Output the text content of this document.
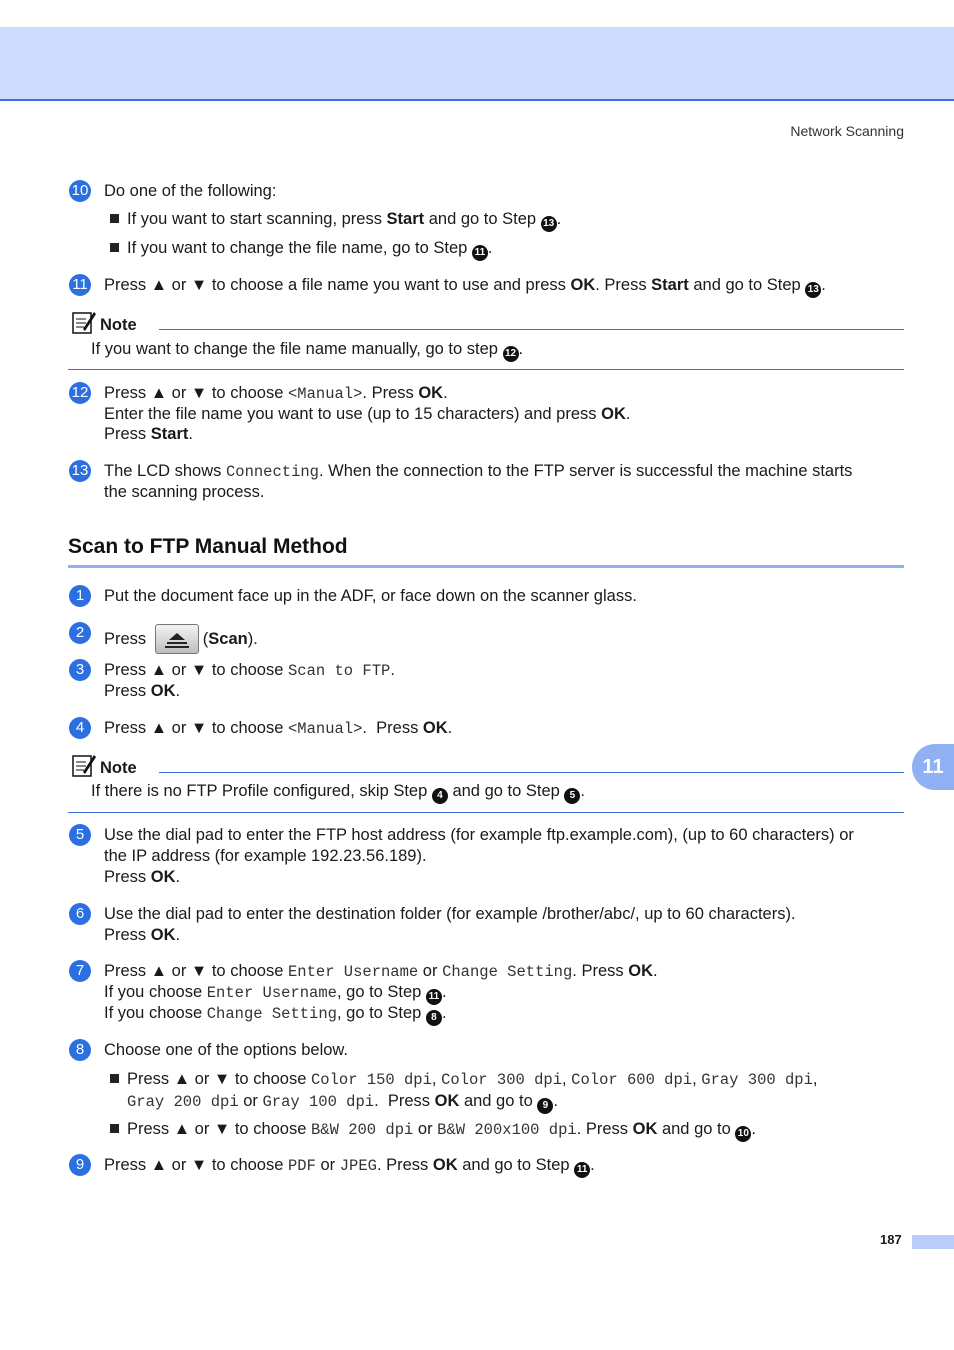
Network Scanning
10 Do one of the following:
If you want to start scanning, press Start and go to Step 13 .
If you want to change the file name, go to Step 11 .
11 Press ▲ or ▼ to choose a file name you want to use and press OK. Press Start and go to Step 13 .
Note
If you want to change the file name manually, go to step 12 .
12 Press ▲ or ▼ to choose <Manual>. Press OK.
Enter the file name you want to use (up to 15 characters) and press OK.
Press Start.
13 The LCD shows Connecting. When the connection to the FTP server is successful the machine starts
the scanning process.
Scan to FTP Manual Method
1	Put the document face up in the ADF, or face down on the scanner glass.
2	Press	(Scan).
3	Press ▲ or ▼ to choose Scan to FTP.
Press OK.
4	Press ▲ or ▼ to choose <Manual>.  Press OK.
Note
If there is no FTP Profile configured, skip Step 4 and go to Step 5 .
11
5	Use the dial pad to enter the FTP host address (for example ftp.example.com), (up to 60 characters) or
the IP address (for example 192.23.56.189).
Press OK.
6	Use the dial pad to enter the destination folder (for example /brother/abc/, up to 60 characters).
Press OK.
7	Press ▲ or ▼ to choose Enter Username or Change Setting. Press OK.
If you choose Enter Username, go to Step 11 .
If you choose Change Setting, go to Step 8 .
8	Choose one of the options below.
Press ▲ or ▼ to choose Color 150 dpi, Color 300 dpi, Color 600 dpi, Gray 300 dpi,
Gray 200 dpi or Gray 100 dpi.  Press OK and go to 9 .
Press ▲ or ▼ to choose B&W 200 dpi or B&W 200x100 dpi. Press OK and go to 10 .
9	Press ▲ or ▼ to choose PDF or JPEG. Press OK and go to Step 11 .
187
